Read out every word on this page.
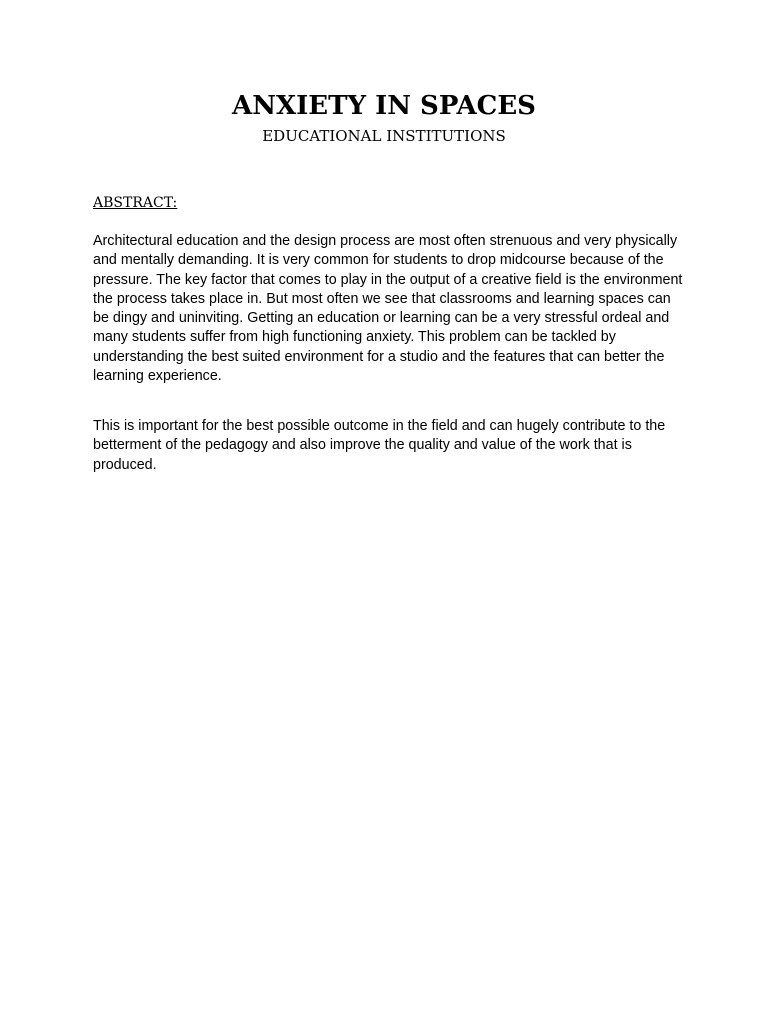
ANXIETY IN SPACES
EDUCATIONAL INSTITUTIONS
ABSTRACT:

Architectural education and the design process are most often strenuous and very physically and mentally demanding. It is very common for students to drop midcourse because of the pressure. The key factor that comes to play in the output of a creative field is the environment the process takes place in. But most often we see that classrooms and learning spaces can be dingy and uninviting. Getting an education or learning can be a very stressful ordeal and many students suffer from high functioning anxiety. This problem can be tackled by understanding the best suited environment for a studio and the features that can better the learning experience.

This is important for the best possible outcome in the field and can hugely contribute to the betterment of the pedagogy and also improve the quality and value of the work that is produced.
